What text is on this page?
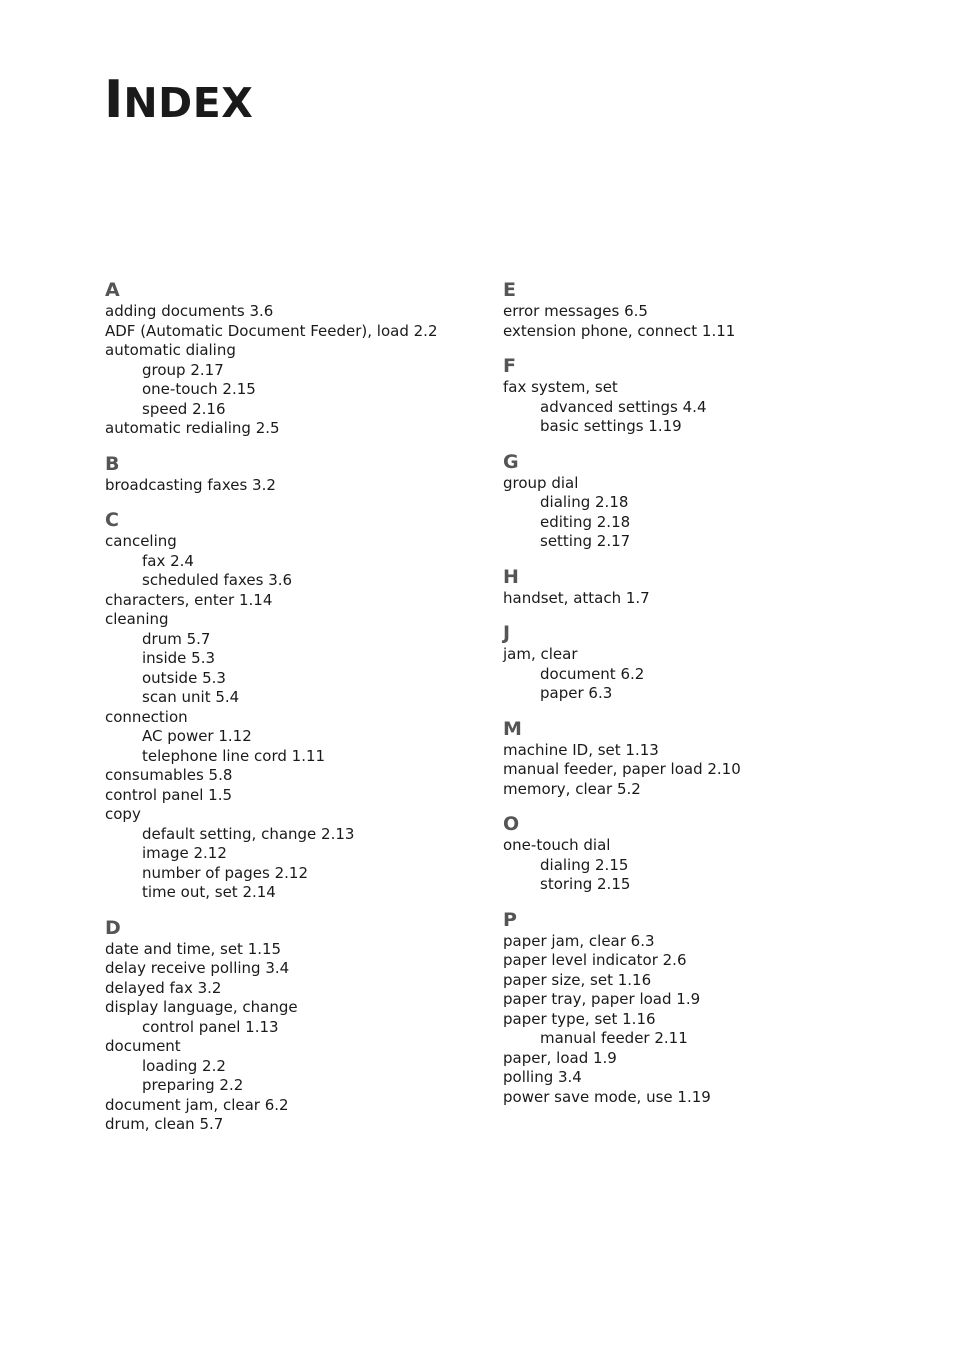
INDEX
A
adding documents 3.6
ADF (Automatic Document Feeder), load 2.2
automatic dialing
group 2.17
one-touch 2.15
speed 2.16
automatic redialing 2.5
B
broadcasting faxes 3.2
C
canceling
fax 2.4
scheduled faxes 3.6
characters, enter 1.14
cleaning
drum 5.7
inside 5.3
outside 5.3
scan unit 5.4
connection
AC power 1.12
telephone line cord 1.11
consumables 5.8
control panel 1.5
copy
default setting, change 2.13
image 2.12
number of pages 2.12
time out, set 2.14
D
date and time, set 1.15
delay receive polling 3.4
delayed fax 3.2
display language, change
control panel 1.13
document
loading 2.2
preparing 2.2
document jam, clear 6.2
drum, clean 5.7
E
error messages 6.5
extension phone, connect 1.11
F
fax system, set
advanced settings 4.4
basic settings 1.19
G
group dial
dialing 2.18
editing 2.18
setting 2.17
H
handset, attach 1.7
J
jam, clear
document 6.2
paper 6.3
M
machine ID, set 1.13
manual feeder, paper load 2.10
memory, clear 5.2
O
one-touch dial
dialing 2.15
storing 2.15
P
paper jam, clear 6.3
paper level indicator 2.6
paper size, set 1.16
paper tray, paper load 1.9
paper type, set 1.16
manual feeder 2.11
paper, load 1.9
polling 3.4
power save mode, use 1.19
